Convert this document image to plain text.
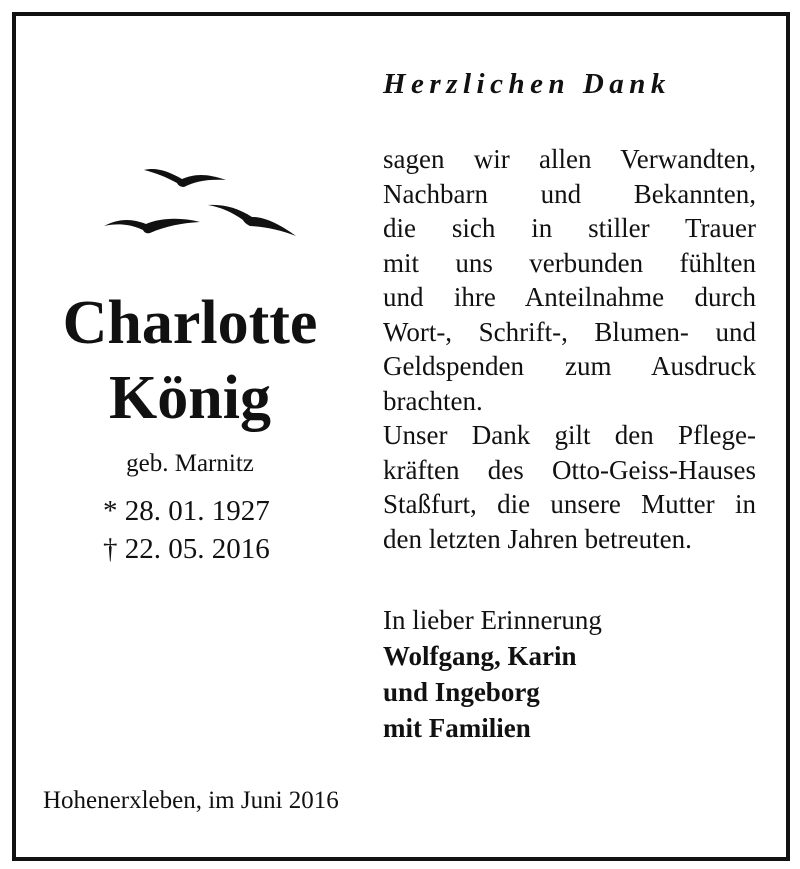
Herzlichen Dank
Charlotte
König
geb. Marnitz
* 28. 01. 1927
† 22. 05. 2016
sagen wir allen Verwandten,
Nachbarn und Bekannten,
die sich in stiller Trauer
mit uns verbunden fühlten
und ihre Anteilnahme durch
Wort-, Schrift-, Blumen- und
Geldspenden zum Ausdruck
brachten.
Unser Dank gilt den Pflege-
kräften des Otto-Geiss-Hauses
Staßfurt, die unsere Mutter in
den letzten Jahren betreuten.
In lieber Erinnerung
Wolfgang, Karin
und Ingeborg
mit Familien
Hohenerxleben, im Juni 2016
